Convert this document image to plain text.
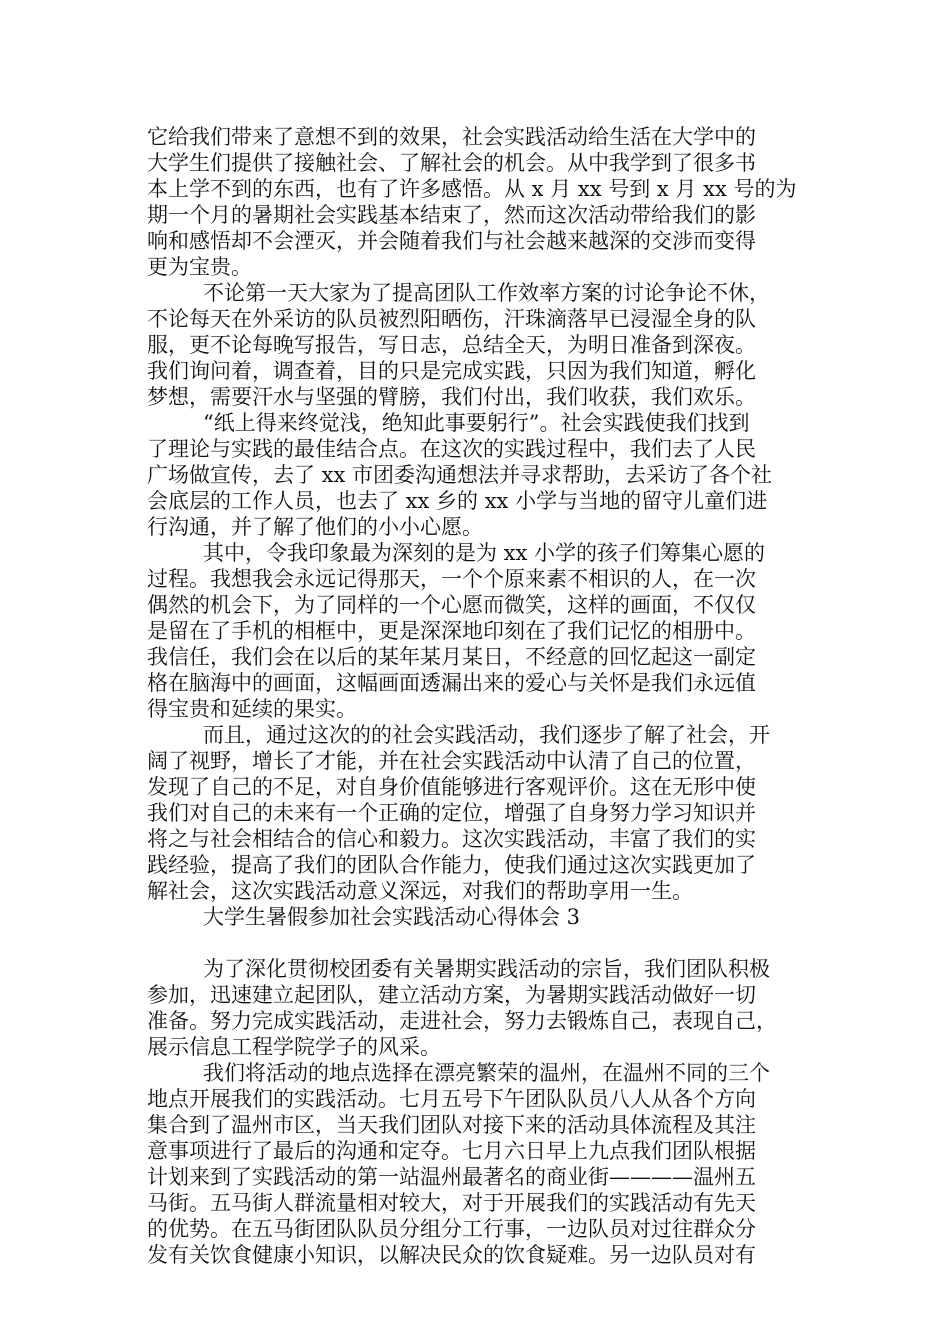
它给我们带来了意想不到的效果，社会实践活动给生活在大学中的
大学生们提供了接触社会、了解社会的机会。从中我学到了很多书
本上学不到的东西，也有了许多感悟。从 x 月 xx 号到 x 月 xx 号的为
期一个月的暑期社会实践基本结束了，然而这次活动带给我们的影
响和感悟却不会湮灭，并会随着我们与社会越来越深的交涉而变得
更为宝贵。
不论第一天大家为了提高团队工作效率方案的讨论争论不休，
不论每天在外采访的队员被烈阳晒伤，汗珠滴落早已浸湿全身的队
服，更不论每晚写报告，写日志，总结全天，为明日准备到深夜。
我们询问着，调查着，目的只是完成实践，只因为我们知道，孵化
梦想，需要汗水与坚强的臂膀，我们付出，我们收获，我们欢乐。
“纸上得来终觉浅，绝知此事要躬行”。社会实践使我们找到
了理论与实践的最佳结合点。在这次的实践过程中，我们去了人民
广场做宣传，去了 xx 市团委沟通想法并寻求帮助，去采访了各个社
会底层的工作人员，也去了 xx 乡的 xx 小学与当地的留守儿童们进
行沟通，并了解了他们的小小心愿。
其中，令我印象最为深刻的是为 xx 小学的孩子们筹集心愿的
过程。我想我会永远记得那天，一个个原来素不相识的人，在一次
偶然的机会下，为了同样的一个心愿而微笑，这样的画面，不仅仅
是留在了手机的相框中，更是深深地印刻在了我们记忆的相册中。
我信任，我们会在以后的某年某月某日，不经意的回忆起这一副定
格在脑海中的画面，这幅画面透漏出来的爱心与关怀是我们永远值
得宝贵和延续的果实。
而且，通过这次的的社会实践活动，我们逐步了解了社会，开
阔了视野，增长了才能，并在社会实践活动中认清了自己的位置，
发现了自己的不足，对自身价值能够进行客观评价。这在无形中使
我们对自己的未来有一个正确的定位，增强了自身努力学习知识并
将之与社会相结合的信心和毅力。这次实践活动，丰富了我们的实
践经验，提高了我们的团队合作能力，使我们通过这次实践更加了
解社会，这次实践活动意义深远，对我们的帮助享用一生。
大学生暑假参加社会实践活动心得体会 3
为了深化贯彻校团委有关暑期实践活动的宗旨，我们团队积极
参加，迅速建立起团队，建立活动方案，为暑期实践活动做好一切
准备。努力完成实践活动，走进社会，努力去锻炼自己，表现自己，
展示信息工程学院学子的风采。
我们将活动的地点选择在漂亮繁荣的温州，在温州不同的三个
地点开展我们的实践活动。七月五号下午团队队员八人从各个方向
集合到了温州市区，当天我们团队对接下来的活动具体流程及其注
意事项进行了最后的沟通和定夺。七月六日早上九点我们团队根据
计划来到了实践活动的第一站温州最著名的商业街————温州五
马街。五马街人群流量相对较大，对于开展我们的实践活动有先天
的优势。在五马街团队队员分组分工行事，一边队员对过往群众分
发有关饮食健康小知识，以解决民众的饮食疑难。另一边队员对有
